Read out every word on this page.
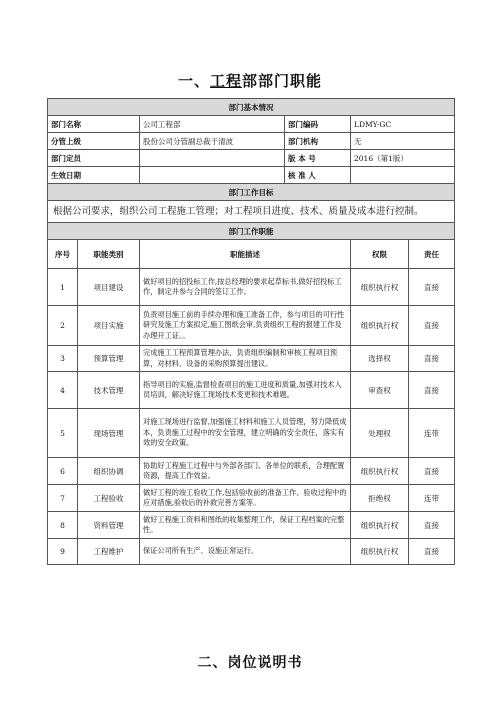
一、工程部部门职能
部门基本情况					
部门名称		公司工程部	部门编码	LDMY-GC	
分管上级		股份公司分管副总裁于清波	部门机构	无	
部门定员			版 本 号	2016（第1版）	
生效日期			核 准 人		
部门工作目标					
根据公司要求，组织公司工程施工管理；对工程项目进度、技术、质量及成本进行控制。					
部门工作职能					
序号	职能类别	职能描述		权限	责任
1	项目建设	做好项目的招投标工作,按总经理的要求起草标书,做好招投标工作，制定并参与合同的签订工作。		组织执行权	直接
2	项目实施	负责项目施工前的手续办理和施工准备工作，参与项目的可行性研究及施工方案拟定,施工图纸会审,负责组织工程的报建工作及办理开工证。。		组织执行权	直接
3	预算管理	完成施工工程预算管理办法，负责组织编制和审核工程项目预算，对材料、设备的采购预算提出建议。		选择权	直接
4	技术管理	指导项目的实施,监督检查项目的施工进度和质量,加强对技术人员培训，解决好施工现场技术变更和技术难题。		审查权	直接
5	现场管理	对施工现场进行监督,加强施工材料和施工人员管理，努力降低成本，负责施工过程中的安全管理，建立明确的安全责任，落实有效的安全政策。		处理权	连带
6	组织协调	协助好工程施工过程中与外部各部门、各单位的联系，合理配置资源，提高工作效益。		组织执行权	直接
7	工程验收	做好工程的竣工验收工作,包括验收前的准备工作、验收过程中的应对措施,验收后的补救完善方案等。		拒绝权	连带
8	资料管理	做好工程施工资料和图纸的收集整理工作，保证工程档案的完整性。		组织执行权	直接
9	工程维护	保证公司所有生产、设施正常运行。		组织执行权	直接
二、岗位说明书
